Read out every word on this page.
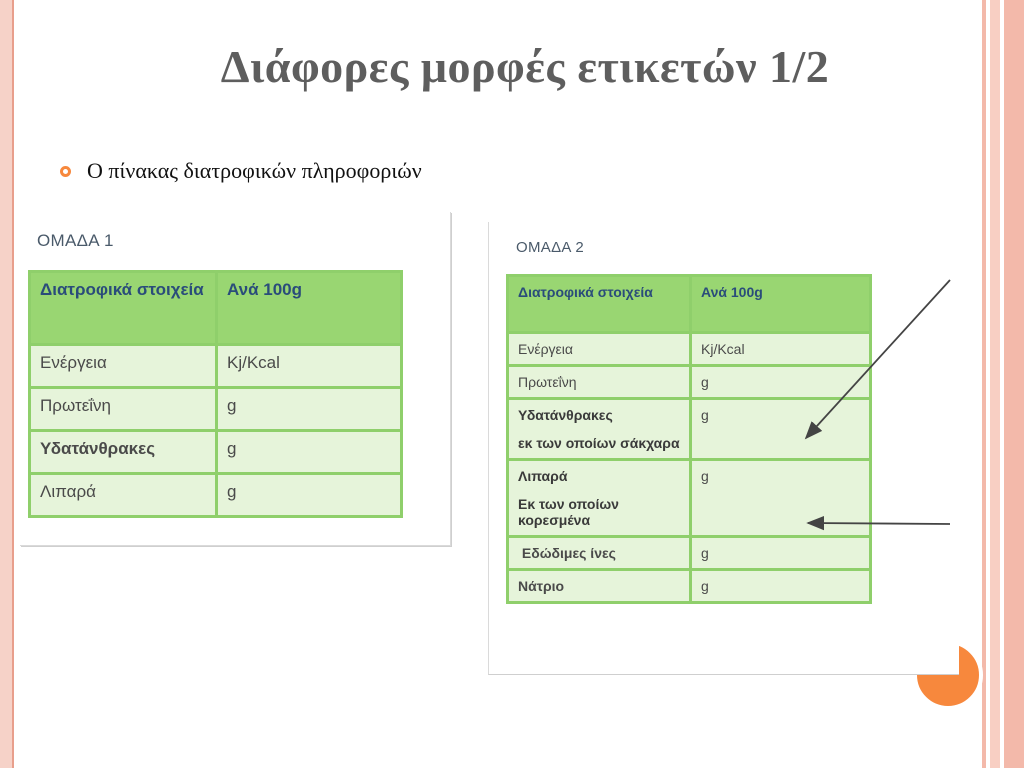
Διάφορες μορφές ετικετών 1/2
Ο πίνακας διατροφικών πληροφοριών
ΟΜΑΔΑ 1
Διατροφικά στοιχεία	Ανά 100g
Ενέργεια	Kj/Kcal
Πρωτεΐνη	g
Υδατάνθρακες	g
Λιπαρά	g
ΟΜΑΔΑ 2
Διατροφικά στοιχεία	Ανά 100g
Ενέργεια	Kj/Kcal
Πρωτεΐνη	g
Υδατάνθρακες
εκ των οποίων σάκχαρα	g
Λιπαρά
Εκ των οποίων κορεσμένα	g
Εδώδιμες ίνες	g
Νάτριο	g
